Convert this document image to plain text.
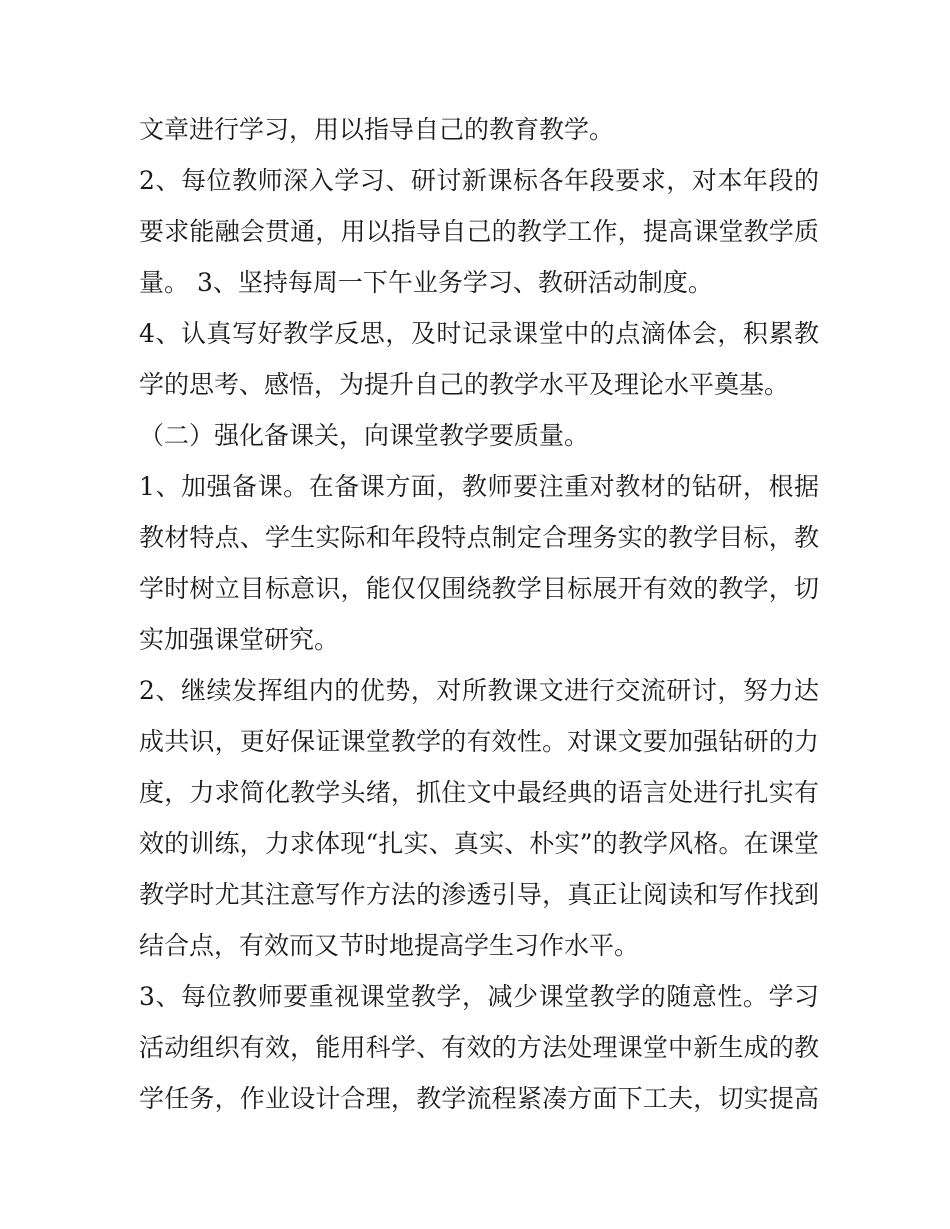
文章进行学习，用以指导自己的教育教学。
2、每位教师深入学习、研讨新课标各年段要求，对本年段的
要求能融会贯通，用以指导自己的教学工作，提高课堂教学质
量。 3、坚持每周一下午业务学习、教研活动制度。
4、认真写好教学反思，及时记录课堂中的点滴体会，积累教
学的思考、感悟，为提升自己的教学水平及理论水平奠基。
（二）强化备课关，向课堂教学要质量。
1、加强备课。在备课方面，教师要注重对教材的钻研，根据
教材特点、学生实际和年段特点制定合理务实的教学目标，教
学时树立目标意识，能仅仅围绕教学目标展开有效的教学，切
实加强课堂研究。
2、继续发挥组内的优势，对所教课文进行交流研讨，努力达
成共识，更好保证课堂教学的有效性。对课文要加强钻研的力
度，力求简化教学头绪，抓住文中最经典的语言处进行扎实有
效的训练，力求体现“扎实、真实、朴实”的教学风格。在课堂
教学时尤其注意写作方法的渗透引导，真正让阅读和写作找到
结合点，有效而又节时地提高学生习作水平。
3、每位教师要重视课堂教学，减少课堂教学的随意性。学习
活动组织有效，能用科学、有效的方法处理课堂中新生成的教
学任务，作业设计合理，教学流程紧凑方面下工夫，切实提高
